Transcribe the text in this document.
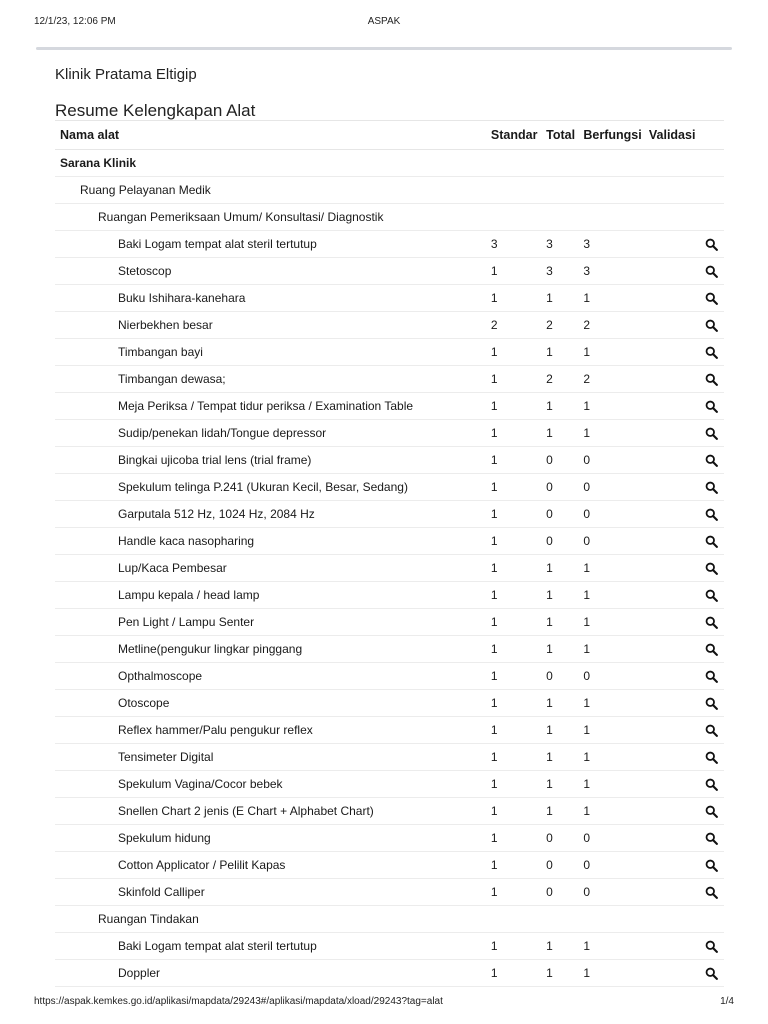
12/1/23, 12:06 PM	ASPAK
Klinik Pratama Eltigip
Resume Kelengkapan Alat
Nama alat	Standar	Total	Berfungsi	Validasi
Sarana Klinik				
Ruang Pelayanan Medik				
Ruangan Pemeriksaan Umum/ Konsultasi/ Diagnostik				
Baki Logam tempat alat steril tertutup	3	3	3	
Stetoscop	1	3	3	
Buku Ishihara-kanehara	1	1	1	
Nierbekhen besar	2	2	2	
Timbangan bayi	1	1	1	
Timbangan dewasa;	1	2	2	
Meja Periksa / Tempat tidur periksa / Examination Table	1	1	1	
Sudip/penekan lidah/Tongue depressor	1	1	1	
Bingkai ujicoba trial lens (trial frame)	1	0	0	
Spekulum telinga P.241 (Ukuran Kecil, Besar, Sedang)	1	0	0	
Garputala 512 Hz, 1024 Hz, 2084 Hz	1	0	0	
Handle kaca nasopharing	1	0	0	
Lup/Kaca Pembesar	1	1	1	
Lampu kepala / head lamp	1	1	1	
Pen Light / Lampu Senter	1	1	1	
Metline(pengukur lingkar pinggang	1	1	1	
Opthalmoscope	1	0	0	
Otoscope	1	1	1	
Reflex hammer/Palu pengukur reflex	1	1	1	
Tensimeter Digital	1	1	1	
Spekulum Vagina/Cocor bebek	1	1	1	
Snellen Chart 2 jenis (E Chart + Alphabet Chart)	1	1	1	
Spekulum hidung	1	0	0	
Cotton Applicator / Pelilit Kapas	1	0	0	
Skinfold Calliper	1	0	0	
Ruangan Tindakan				
Baki Logam tempat alat steril tertutup	1	1	1	
Doppler	1	1	1	
https://aspak.kemkes.go.id/aplikasi/mapdata/29243#/aplikasi/mapdata/xload/29243?tag=alat	1/4
